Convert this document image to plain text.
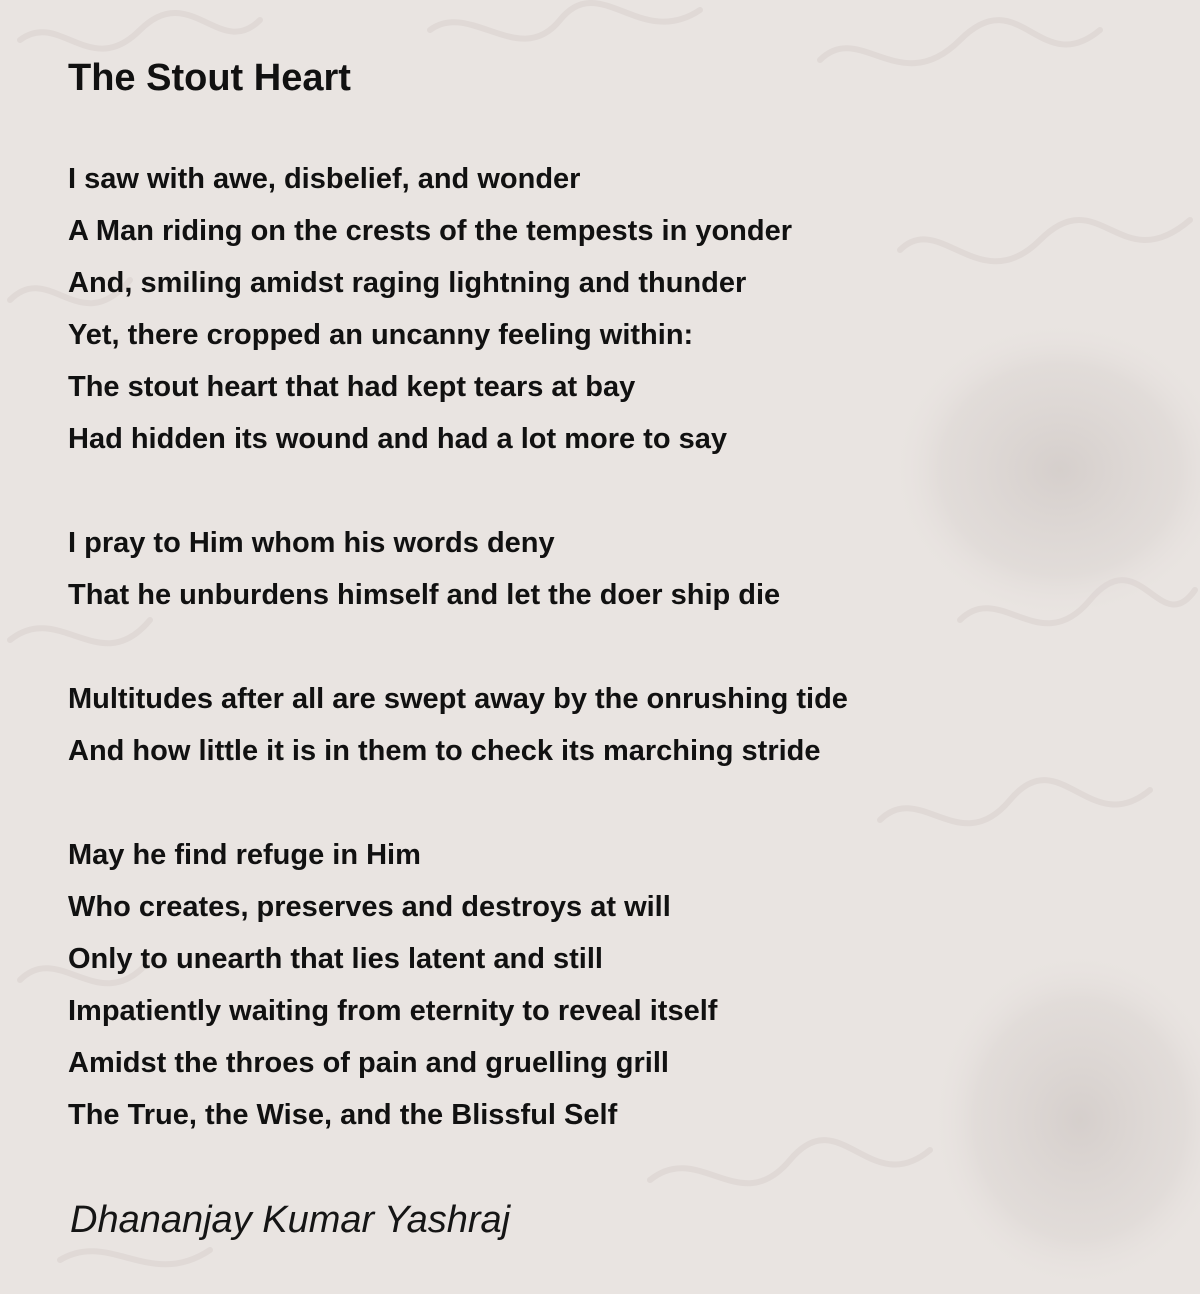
The Stout Heart
I saw with awe, disbelief, and wonder
A Man riding on the crests of the tempests in yonder
And, smiling amidst raging lightning and thunder
Yet, there cropped an uncanny feeling within:
The stout heart that had kept tears at bay
Had hidden its wound and had a lot more to say
I pray to Him whom his words deny
That he unburdens himself and let the doer ship die
Multitudes after all are swept away by the onrushing tide
And how little it is in them to check its marching stride
May he find refuge in Him
Who creates, preserves and destroys at will
Only to unearth that lies latent and still
Impatiently waiting from eternity to reveal itself
Amidst the throes of pain and gruelling grill
The True, the Wise, and the Blissful Self

Dhananjay Kumar Yashraj
